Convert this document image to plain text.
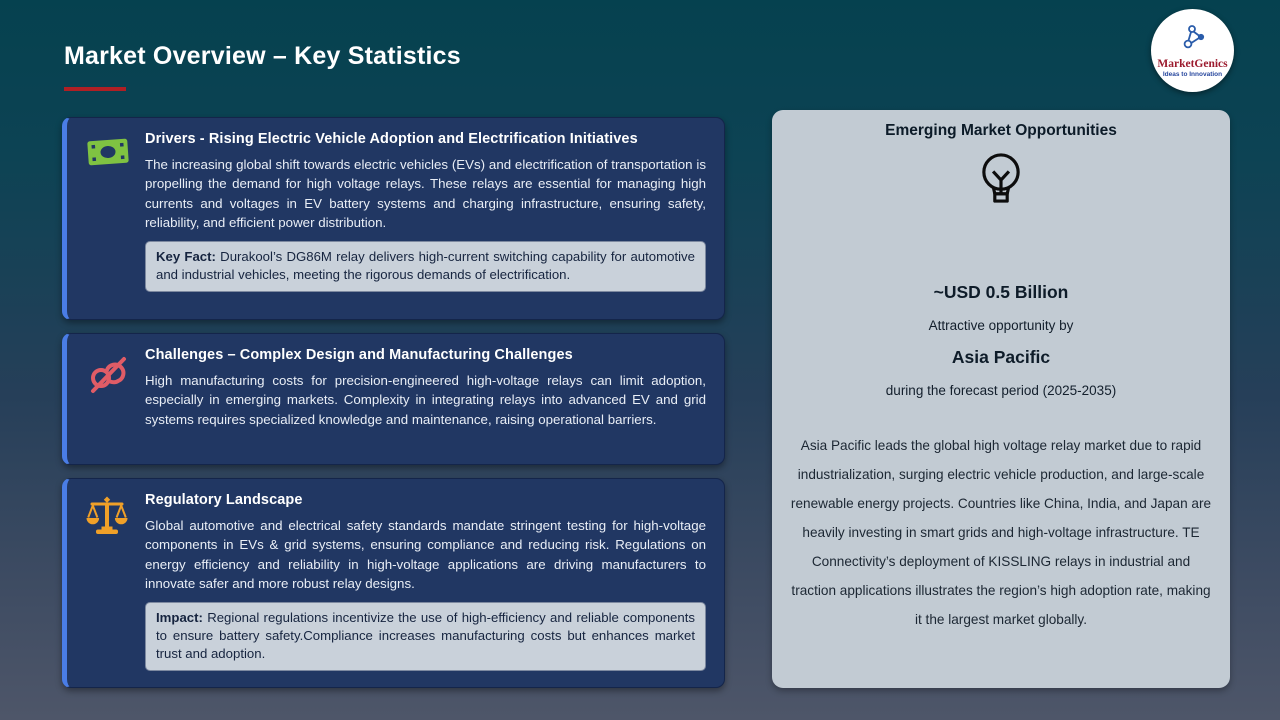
Market Overview – Key Statistics	MarketGenics
Ideas to Innovation
Drivers - Rising Electric Vehicle Adoption and Electrification Initiatives
The increasing global shift towards electric vehicles (EVs) and electrification of transportation is propelling the demand for high voltage relays. These relays are essential for managing high currents and voltages in EV battery systems and charging infrastructure, ensuring safety, reliability, and efficient power distribution.
Key Fact: Durakool’s DG86M relay delivers high-current switching capability for automotive and industrial vehicles, meeting the rigorous demands of electrification.
Challenges – Complex Design and Manufacturing Challenges
High manufacturing costs for precision-engineered high-voltage relays can limit adoption, especially in emerging markets. Complexity in integrating relays into advanced EV and grid systems requires specialized knowledge and maintenance, raising operational barriers.
Regulatory Landscape
Global automotive and electrical safety standards mandate stringent testing for high-voltage components in EVs & grid systems, ensuring compliance and reducing risk. Regulations on energy efficiency and reliability in high-voltage applications are driving manufacturers to innovate safer and more robust relay designs.
Impact: Regional regulations incentivize the use of high-efficiency and reliable components to ensure battery safety.Compliance increases manufacturing costs but enhances market trust and adoption.
Emerging Market Opportunities
~USD 0.5 Billion
Attractive opportunity by
Asia Pacific
during the forecast period (2025-2035)
Asia Pacific leads the global high voltage relay market due to rapid industrialization, surging electric vehicle production, and large-scale renewable energy projects. Countries like China, India, and Japan are heavily investing in smart grids and high-voltage infrastructure. TE Connectivity’s deployment of KISSLING relays in industrial and traction applications illustrates the region’s high adoption rate, making it the largest market globally.
